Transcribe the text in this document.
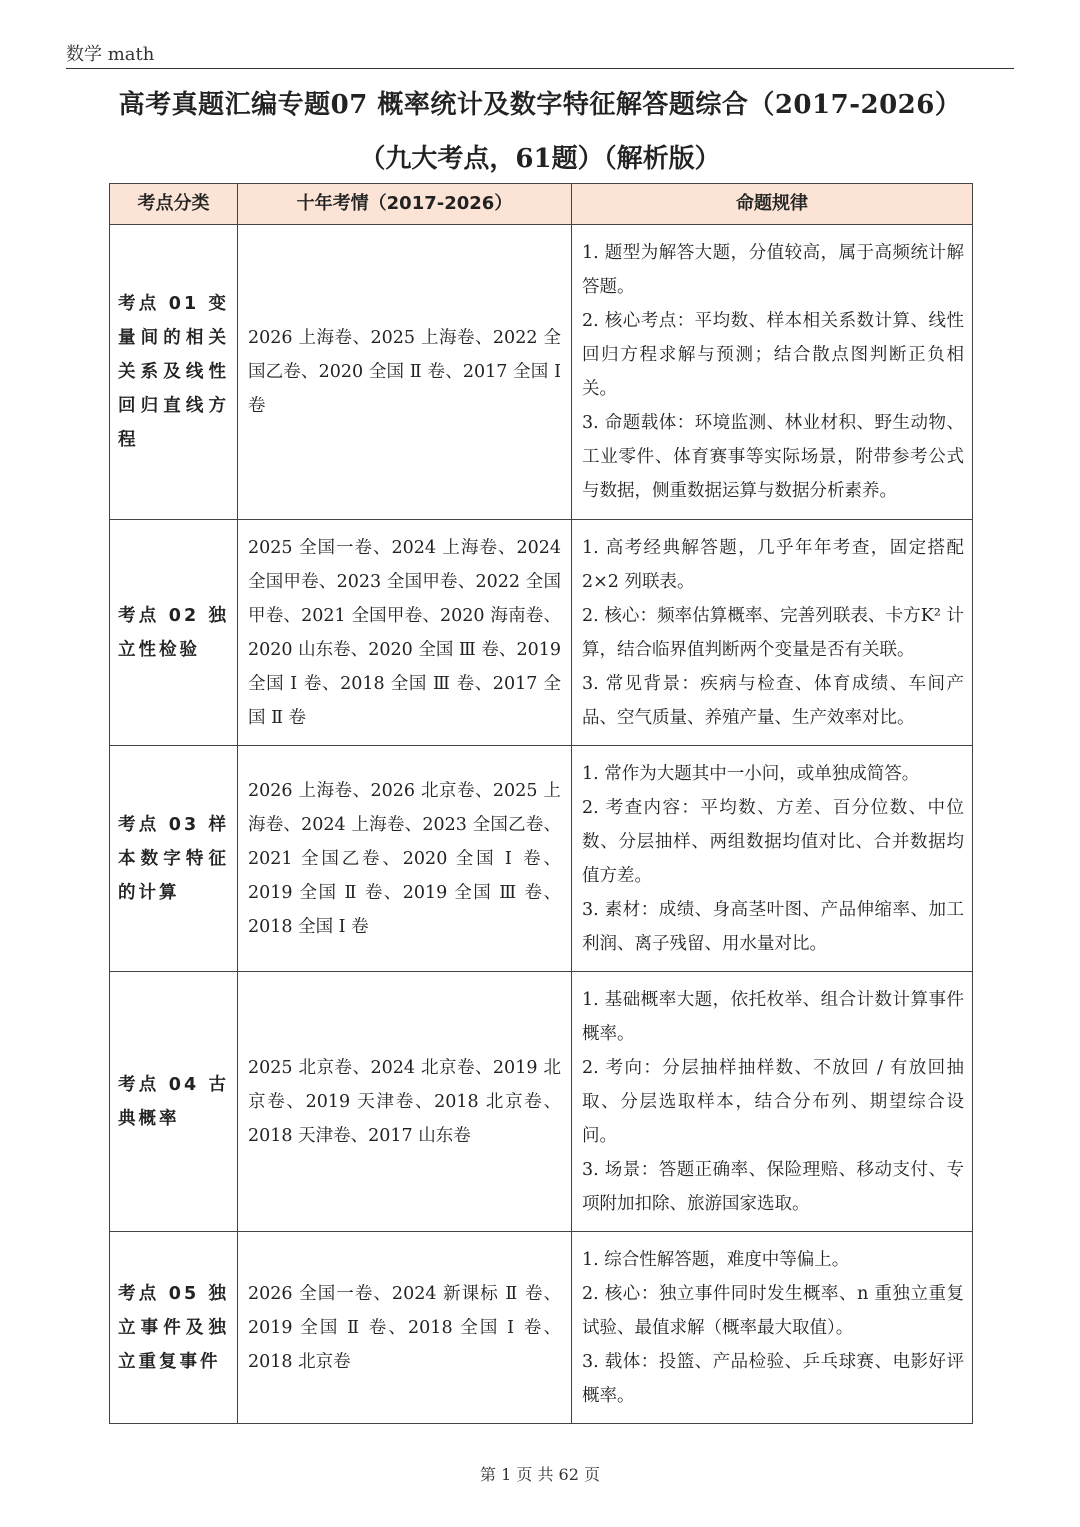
数学 math
高考真题汇编专题07 概率统计及数字特征解答题综合（2017-2026）
（九大考点，61题）（解析版）
考点分类	十年考情（2017-2026）	命题规律
考点 01 变量间的相关关系及线性回归直线方程	2026 上海卷、2025 上海卷、2022 全国乙卷、2020 全国 Ⅱ 卷、2017 全国 Ⅰ 卷	1. 题型为解答大题，分值较高，属于高频统计解答题。
2. 核心考点：平均数、样本相关系数计算、线性回归方程求解与预测；结合散点图判断正负相关。
3. 命题载体：环境监测、林业材积、野生动物、工业零件、体育赛事等实际场景，附带参考公式与数据，侧重数据运算与数据分析素养。

考点 02 独立性检验	2025 全国一卷、2024 上海卷、2024 全国甲卷、2023 全国甲卷、2022 全国甲卷、2021 全国甲卷、2020 海南卷、2020 山东卷、2020 全国 Ⅲ 卷、2019 全国 Ⅰ 卷、2018 全国 Ⅲ 卷、2017 全国 Ⅱ 卷	1. 高考经典解答题，几乎年年考查，固定搭配 2×2 列联表。
2. 核心：频率估算概率、完善列联表、卡方K² 计算，结合临界值判断两个变量是否有关联。
3. 常见背景：疾病与检查、体育成绩、车间产品、空气质量、养殖产量、生产效率对比。

考点 03 样本数字特征的计算	2026 上海卷、2026 北京卷、2025 上海卷、2024 上海卷、2023 全国乙卷、2021 全国乙卷、2020 全国 Ⅰ 卷、2019 全国 Ⅱ 卷、2019 全国 Ⅲ 卷、2018 全国 Ⅰ 卷	1. 常作为大题其中一小问，或单独成简答。
2. 考查内容：平均数、方差、百分位数、中位数、分层抽样、两组数据均值对比、合并数据均值方差。
3. 素材：成绩、身高茎叶图、产品伸缩率、加工利润、离子残留、用水量对比。

考点 04 古典概率	2025 北京卷、2024 北京卷、2019 北京卷、2019 天津卷、2018 北京卷、2018 天津卷、2017 山东卷	1. 基础概率大题，依托枚举、组合计数计算事件概率。
2. 考向：分层抽样抽样数、不放回 / 有放回抽取、分层选取样本，结合分布列、期望综合设问。
3. 场景：答题正确率、保险理赔、移动支付、专项附加扣除、旅游国家选取。

考点 05 独立事件及独立重复事件	2026 全国一卷、2024 新课标 Ⅱ 卷、2019 全国 Ⅱ 卷、2018 全国 Ⅰ 卷、2018 北京卷	1. 综合性解答题，难度中等偏上。
2. 核心：独立事件同时发生概率、n 重独立重复试验、最值求解（概率最大取值）。
3. 载体：投篮、产品检验、乒乓球赛、电影好评概率。
第 1 页 共 62 页
